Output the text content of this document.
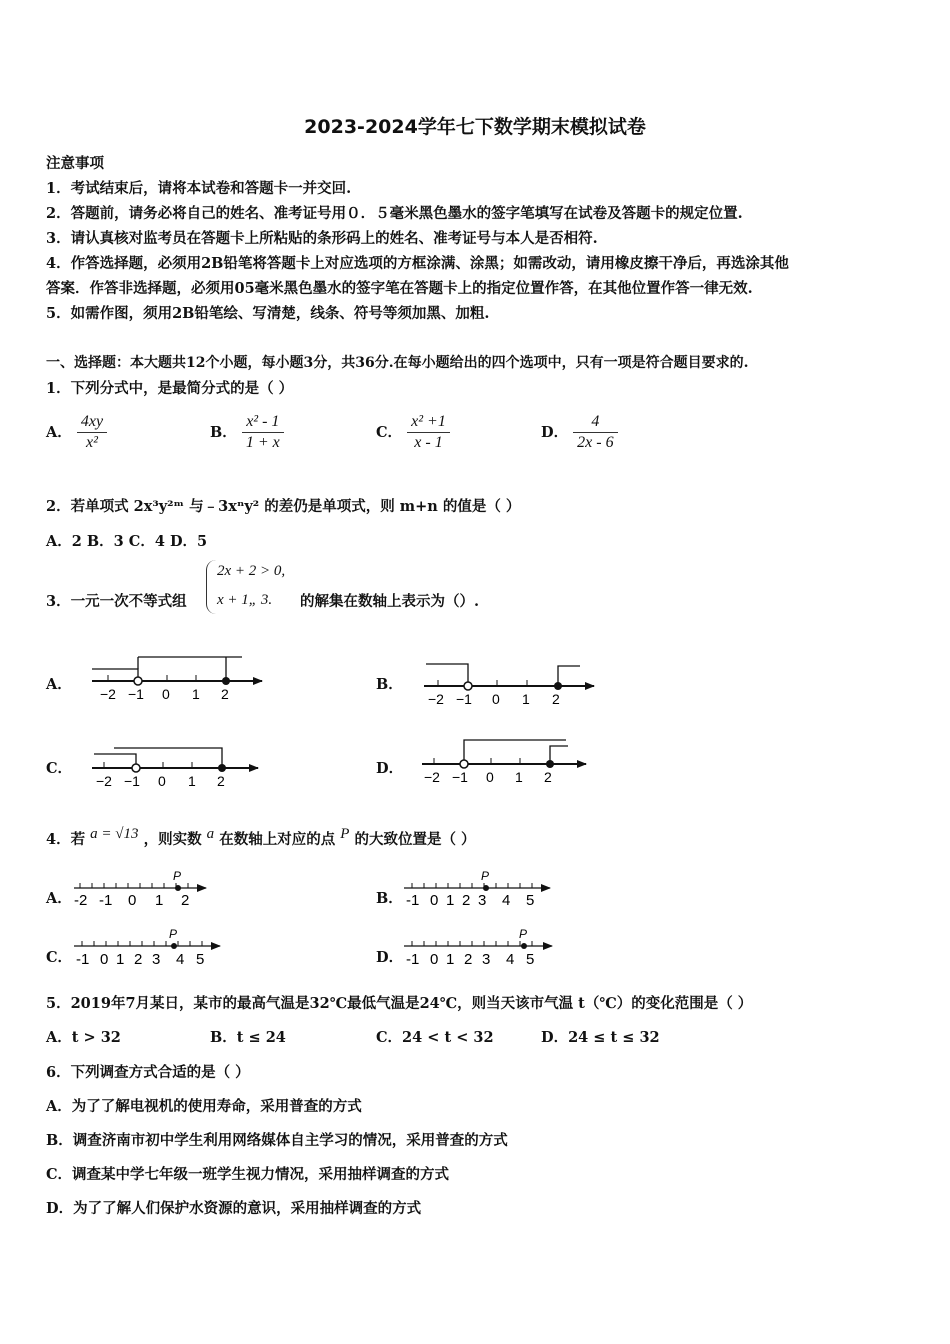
2023-2024学年七下数学期末模拟试卷
注意事项
1．考试结束后，请将本试卷和答题卡一并交回.
2．答题前，请务必将自己的姓名、准考证号用０．５毫米黑色墨水的签字笔填写在试卷及答题卡的规定位置.
3．请认真核对监考员在答题卡上所粘贴的条形码上的姓名、准考证号与本人是否相符.
4．作答选择题，必须用2B铅笔将答题卡上对应选项的方框涂满、涂黑；如需改动，请用橡皮擦干净后，再选涂其他
答案．作答非选择题，必须用05毫米黑色墨水的签字笔在答题卡上的指定位置作答，在其他位置作答一律无效.
5．如需作图，须用2B铅笔绘、写清楚，线条、符号等须加黑、加粗.
一、选择题：本大题共12个小题，每小题3分，共36分.在每小题给出的四个选项中，只有一项是符合题目要求的.
1．下列分式中，是最简分式的是（ ）
A． $\frac{4xy}{\text{x²}}$	B． $\frac{\text{x² - 1}}{1 + x}$	C． $\frac{\text{x² +1}}{x - 1}$	D． $\frac{4}{2x - 6}$
2．若单项式 2x³y²ᵐ 与﹣3xⁿy² 的差仍是单项式，则 m+n 的值是（ ）
A．2 B．3 C．4 D．5
3．一元一次不等式组
2x + 2 > 0,
x + 1„ 3. 的解集在数轴上表示为（）.
A．	B．
C．	D．
−2 −1 0 1 2	−2 −1 0 1 2
−2 −1 0 1 2	−2 −1 0 1 2
P
-2 -1 0 1 2
P
-1 0 1 2 3 4 5
P
-1 0 1 2 3 4 5
P
-1 0 1 2 3 4 5
4．若 a = √13 ，则实数 a 在数轴上对应的点 P 的大致位置是（ ）
A．	B．
C．	D．
5．2019年7月某日，某市的最高气温是32℃最低气温是24℃，则当天该市气温 t（℃）的变化范围是（ ）
A．t > 32	B．t ≤ 24	C．24 < t < 32	D．24 ≤ t ≤ 32
6．下列调查方式合适的是（ ）
A．为了了解电视机的使用寿命，采用普查的方式
B．调查济南市初中学生利用网络媒体自主学习的情况，采用普查的方式
C．调查某中学七年级一班学生视力情况，采用抽样调查的方式
D．为了了解人们保护水资源的意识，采用抽样调查的方式
